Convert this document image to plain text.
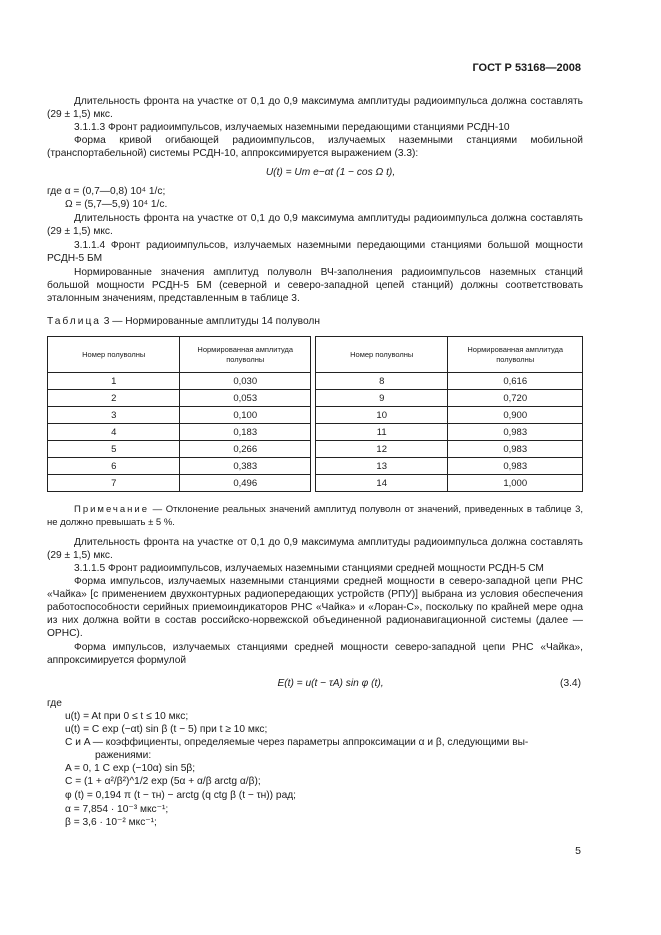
ГОСТ Р 53168—2008

Длительность фронта на участке от 0,1 до 0,9 максимума амплитуды радиоимпульса должна составлять (29 ± 1,5) мкс.

3.1.1.3 Фронт радиоимпульсов, излучаемых наземными передающими станциями РСДН-10

Форма кривой огибающей радиоимпульсов, излучаемых наземными станциями мобильной (транспортабельной) системы РСДН-10, аппроксимируется выражением (3.3):

U(t) = Um e−αt (1 − cos Ω t),

где α = (0,7—0,8) 10⁴ 1/с;

Ω = (5,7—5,9) 10⁴ 1/с.

Длительность фронта на участке от 0,1 до 0,9 максимума амплитуды радиоимпульса должна составлять (29 ± 1,5) мкс.

3.1.1.4 Фронт радиоимпульсов, излучаемых наземными передающими станциями большой мощности РСДН-5 БМ

Нормированные значения амплитуд полуволн ВЧ-заполнения радиоимпульсов наземных станций большой мощности РСДН-5 БМ (северной и северо-западной цепей станций) должны соответствовать эталонным значениям, представленным в таблице 3.

Таблица 3 — Нормированные амплитуды 14 полуволн
Номер полуволны	Нормированная амплитуда полуволны		Номер полуволны	Нормированная амплитуда полуволны
1	0,030		8	0,616
2	0,053		9	0,720
3	0,100		10	0,900
4	0,183		11	0,983
5	0,266		12	0,983
6	0,383		13	0,983
7	0,496		14	1,000

Примечание — Отклонение реальных значений амплитуд полуволн от значений, приведенных в таблице 3, не должно превышать ± 5 %.

Длительность фронта на участке от 0,1 до 0,9 максимума амплитуды радиоимпульса должна составлять (29 ± 1,5) мкс.

3.1.1.5 Фронт радиоимпульсов, излучаемых наземными станциями средней мощности РСДН-5 СМ

Форма импульсов, излучаемых наземными станциями средней мощности в северо-западной цепи РНС «Чайка» [с применением двухконтурных радиопередающих устройств (РПУ)] выбрана из условия обеспечения работоспособности серийных приемоиндикаторов РНС «Чайка» и «Лоран-С», поскольку по крайней мере одна из них должна войти в состав российско-норвежской объединенной радионавигационной системы (далее — ОРНС).

Форма импульсов, излучаемых станциями средней мощности северо-западной цепи РНС «Чайка», аппроксимируется формулой

E(t) = u(t − τA) sin φ (t),	(3.4)

где

u(t) = At при 0 ≤ t ≤ 10 мкс;

u(t) = C exp (−αt) sin β (t − 5) при t ≥ 10 мкс;

C и A — коэффициенты, определяемые через параметры аппроксимации α и β, следующими вы-

ражениями:

A = 0, 1 C exp (−10α) sin 5β;

C = (1 + α²/β²)^1/2 exp (5α + α/β arctg α/β);

φ (t) = 0,194 π (t − τн) − arctg (q ctg β (t − τн)) рад;

α = 7,854 · 10⁻³ мкс⁻¹;

β = 3,6 · 10⁻² мкс⁻¹;

5
